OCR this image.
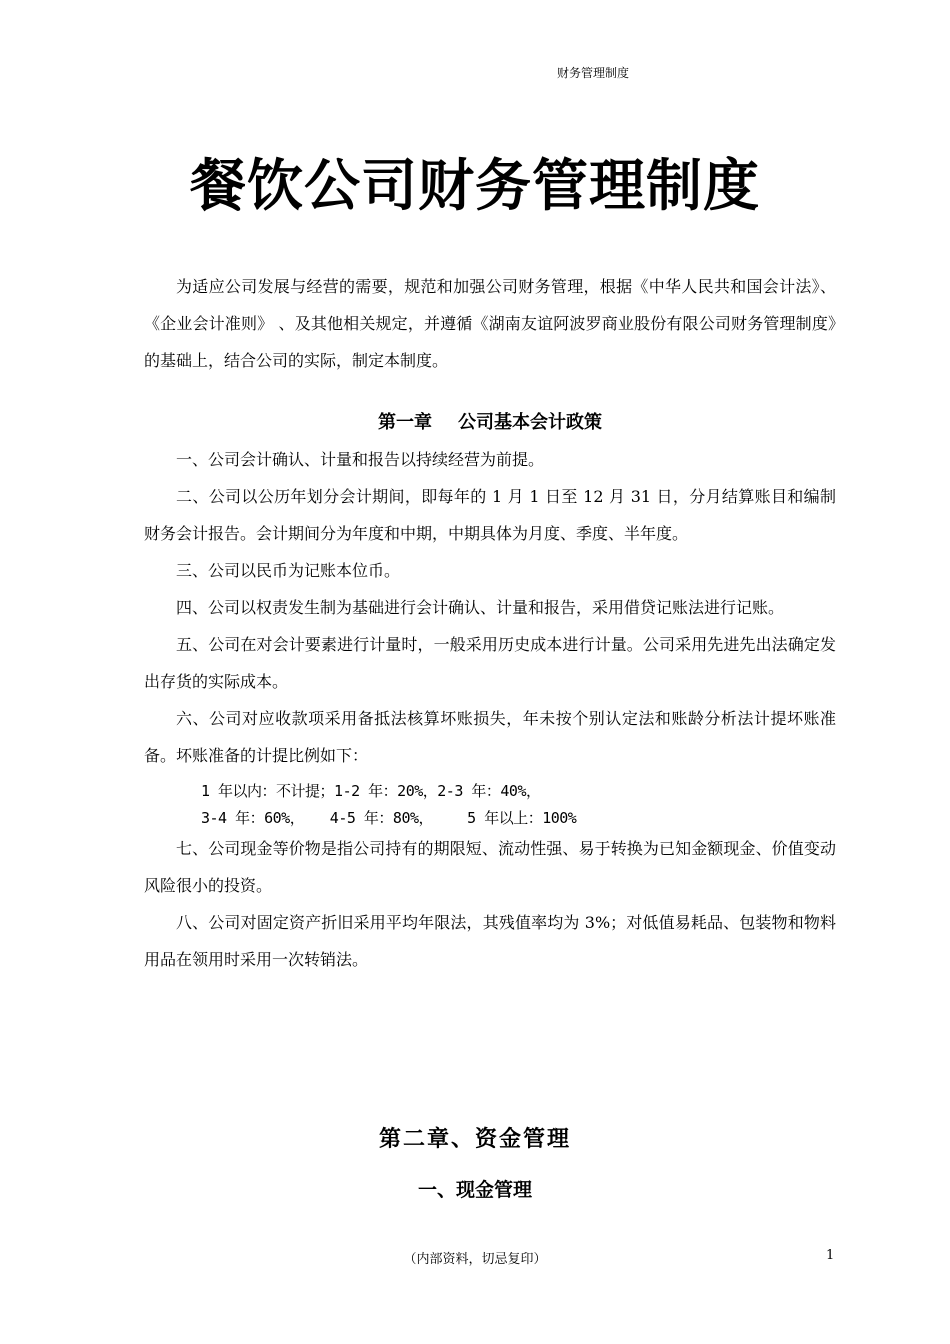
财务管理制度
餐饮公司财务管理制度

为适应公司发展与经营的需要，规范和加强公司财务管理，根据《中华人民共和国会计法》、《企业会计准则》 、及其他相关规定，并遵循《湖南友谊阿波罗商业股份有限公司财务管理制度》的基础上，结合公司的实际，制定本制度。

第一章 公司基本会计政策

一、公司会计确认、计量和报告以持续经营为前提。

二、公司以公历年划分会计期间，即每年的 1 月 1 日至 12 月 31 日，分月结算账目和编制财务会计报告。会计期间分为年度和中期，中期具体为月度、季度、半年度。

三、公司以民币为记账本位币。

四、公司以权责发生制为基础进行会计确认、计量和报告，采用借贷记账法进行记账。

五、公司在对会计要素进行计量时，一般采用历史成本进行计量。公司采用先进先出法确定发出存货的实际成本。

六、公司对应收款项采用备抵法核算坏账损失，年未按个别认定法和账龄分析法计提坏账准备。坏账准备的计提比例如下：

1 年以内：不计提；1-2 年：20%，2-3 年：40%，
3-4 年：60%，   4-5 年：80%，    5 年以上：100%

七、公司现金等价物是指公司持有的期限短、流动性强、易于转换为已知金额现金、价值变动风险很小的投资。

八、公司对固定资产折旧采用平均年限法，其残值率均为 3%；对低值易耗品、包装物和物料用品在领用时采用一次转销法。

第二章、资金管理
一、现金管理
（内部资料，切忌复印）	1
